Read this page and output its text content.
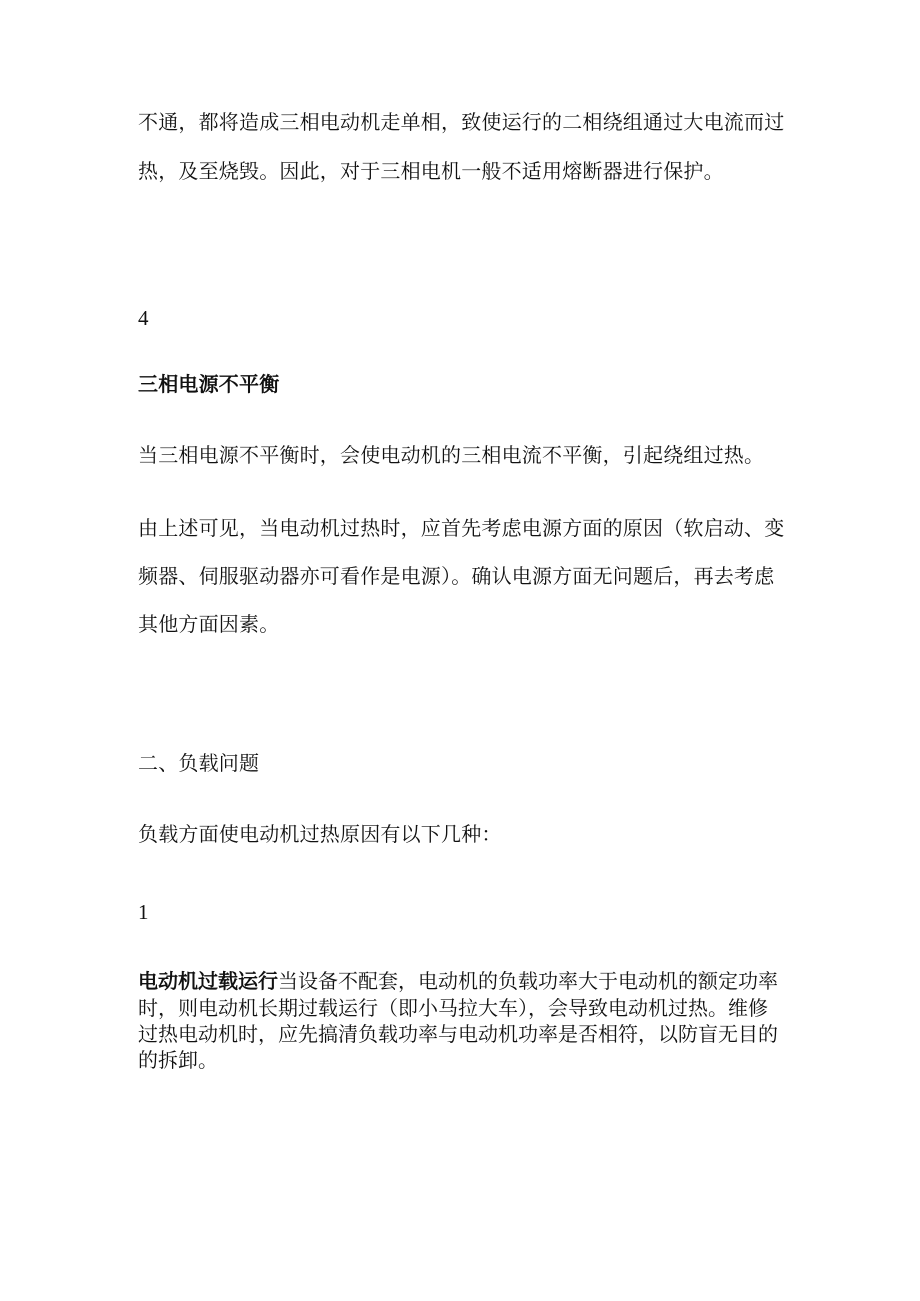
不通，都将造成三相电动机走单相，致使运行的二相绕组通过大电流而过
热，及至烧毁。因此，对于三相电机一般不适用熔断器进行保护。
4
三相电源不平衡
当三相电源不平衡时，会使电动机的三相电流不平衡，引起绕组过热。
由上述可见，当电动机过热时，应首先考虑电源方面的原因（软启动、变
频器、伺服驱动器亦可看作是电源）。确认电源方面无问题后，再去考虑
其他方面因素。
二、负载问题
负载方面使电动机过热原因有以下几种：
1
电动机过载运行当设备不配套，电动机的负载功率大于电动机的额定功率
时，则电动机长期过载运行（即小马拉大车），会导致电动机过热。维修
过热电动机时，应先搞清负载功率与电动机功率是否相符，以防盲无目的
的拆卸。
